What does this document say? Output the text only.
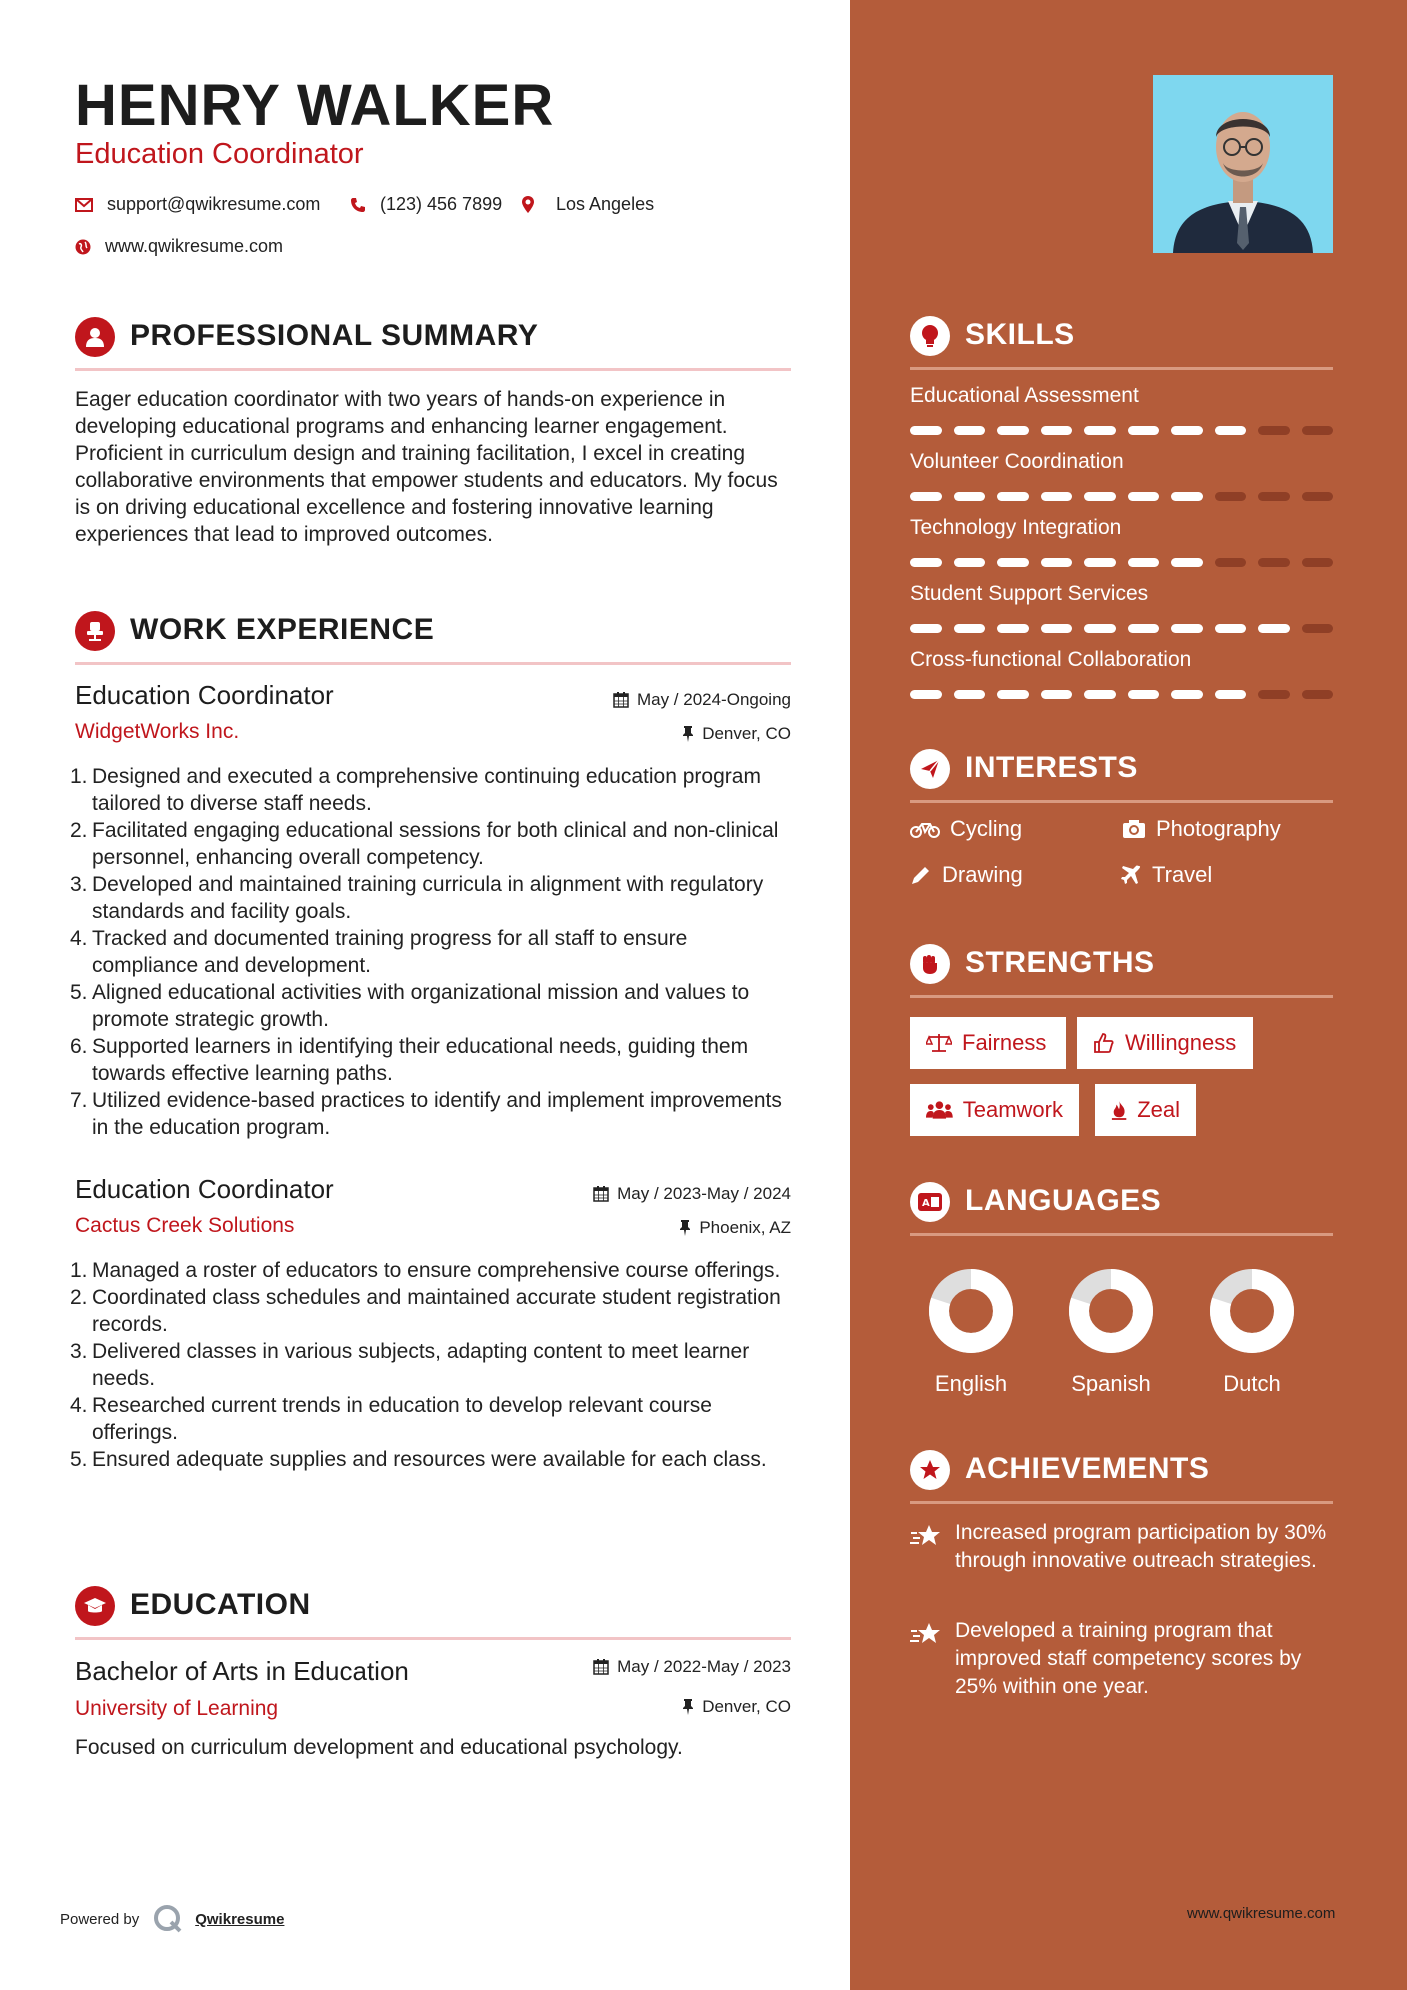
HENRY WALKER
Education Coordinator
support@qwikresume.com	(123) 456 7899	Los Angeles
www.qwikresume.com
PROFESSIONAL SUMMARY
Eager education coordinator with two years of hands-on experience in developing educational programs and enhancing learner engagement. Proficient in curriculum design and training facilitation, I excel in creating collaborative environments that empower students and educators. My focus is on driving educational excellence and fostering innovative learning experiences that lead to improved outcomes.
WORK EXPERIENCE
Education Coordinator	May / 2024-Ongoing
WidgetWorks Inc.	Denver, CO
1. Designed and executed a comprehensive continuing education program tailored to diverse staff needs.
2. Facilitated engaging educational sessions for both clinical and non-clinical personnel, enhancing overall competency.
3. Developed and maintained training curricula in alignment with regulatory standards and facility goals.
4. Tracked and documented training progress for all staff to ensure compliance and development.
5. Aligned educational activities with organizational mission and values to promote strategic growth.
6. Supported learners in identifying their educational needs, guiding them towards effective learning paths.
7. Utilized evidence-based practices to identify and implement improvements in the education program.
Education Coordinator	May / 2023-May / 2024
Cactus Creek Solutions	Phoenix, AZ
1. Managed a roster of educators to ensure comprehensive course offerings.
2. Coordinated class schedules and maintained accurate student registration records.
3. Delivered classes in various subjects, adapting content to meet learner needs.
4. Researched current trends in education to develop relevant course offerings.
5. Ensured adequate supplies and resources were available for each class.
EDUCATION
Bachelor of Arts in Education	May / 2022-May / 2023
University of Learning	Denver, CO
Focused on curriculum development and educational psychology.
Powered by	Qwikresume
SKILLS
Educational Assessment
Volunteer Coordination
Technology Integration
Student Support Services
Cross-functional Collaboration
INTERESTS
Cycling	Photography
Drawing	Travel
STRENGTHS
Fairness	Willingness
Teamwork	Zeal
A LANGUAGES
English	Spanish	Dutch
ACHIEVEMENTS
Increased program participation by 30% through innovative outreach strategies.
Developed a training program that improved staff competency scores by 25% within one year.
www.qwikresume.com
